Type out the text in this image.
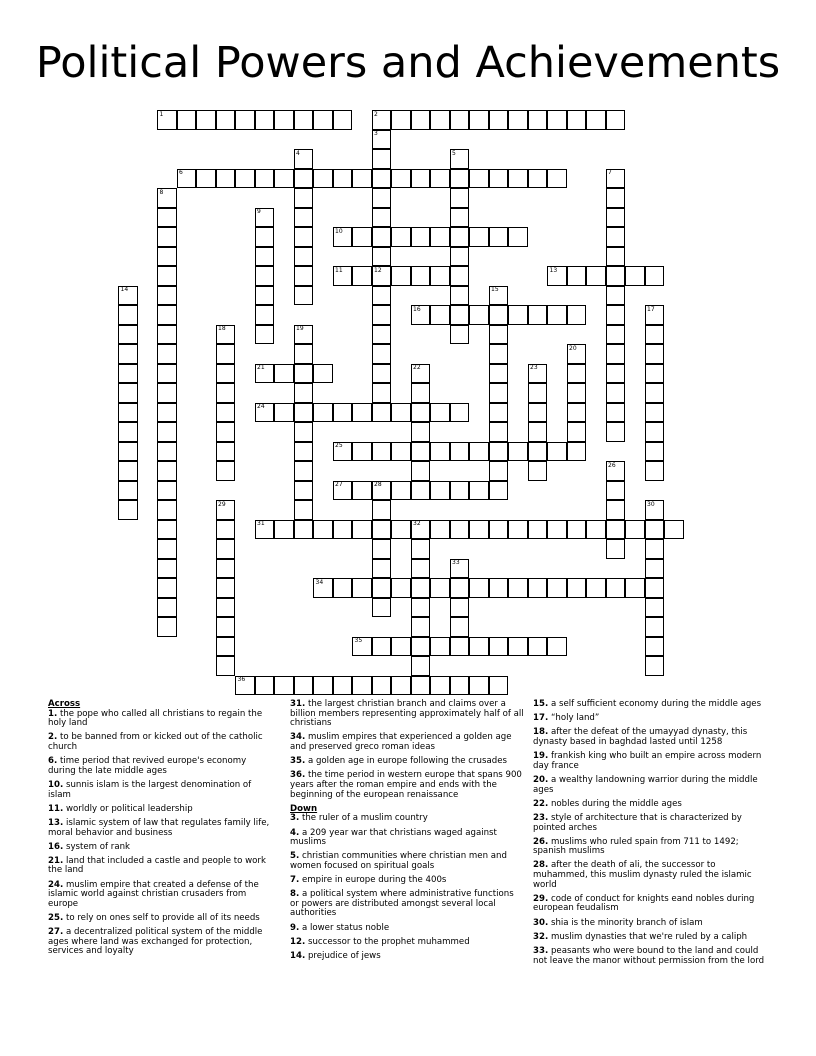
Political Powers and Achievements
1	2
6
10
11	13
16
21
24
25
27
31	32
34
35
36
3
4	5
7
8
9
12
14	15
17
18	19
20
22	23
26
28
29	30
33

Across

1. the pope who called all christians to regain the holy land

2. to be banned from or kicked out of the catholic church

6. time period that revived europe's economy during the late middle ages

10. sunnis islam is the largest denomination of islam

11. worldly or political leadership

13. islamic system of law that regulates family life, moral behavior and business

16. system of rank

21. land that included a castle and people to work the land

24. muslim empire that created a defense of the islamic world against christian crusaders from europe

25. to rely on ones self to provide all of its needs

27. a decentralized political system of the middle ages where land was exchanged for protection, services and loyalty

31. the largest christian branch and claims over a billion members representing approximately half of all christians

34. muslim empires that experienced a golden age and preserved greco roman ideas

35. a golden age in europe following the crusades

36. the time period in western europe that spans 900 years after the roman empire and ends with the beginning of the european renaissance

Down

3. the ruler of a muslim country

4. a 209 year war that christians waged against muslims

5. christian communities where christian men and women focused on spiritual goals

7. empire in europe during the 400s

8. a political system where administrative functions or powers are distributed amongst several local authorities

9. a lower status noble

12. successor to the prophet muhammed

14. prejudice of jews

15. a self sufficient economy during the middle ages

17. “holy land”

18. after the defeat of the umayyad dynasty, this dynasty based in baghdad lasted until 1258

19. frankish king who built an empire across modern day france

20. a wealthy landowning warrior during the middle ages

22. nobles during the middle ages

23. style of architecture that is characterized by pointed arches

26. muslims who ruled spain from 711 to 1492; spanish muslims

28. after the death of ali, the successor to muhammed, this muslim dynasty ruled the islamic world

29. code of conduct for knights eand nobles during european feudalism

30. shia is the minority branch of islam

32. muslim dynasties that we're ruled by a caliph

33. peasants who were bound to the land and could not leave the manor without permission from the lord
